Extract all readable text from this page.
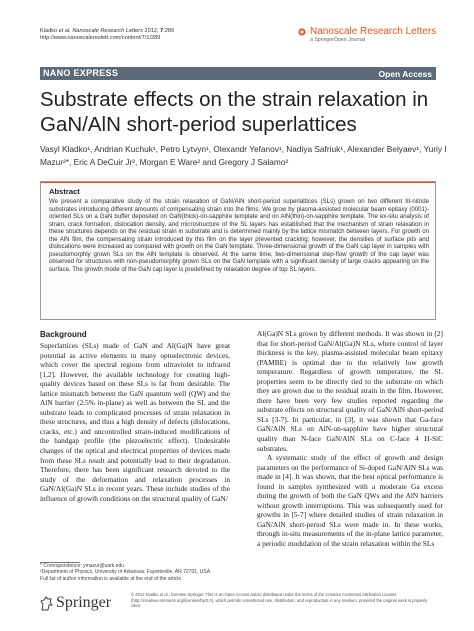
Kladko et al. Nanoscale Research Letters 2012, 7:289
http://www.nanoscalereslett.com/content/7/1/289
Nanoscale Research Letters
a SpringerOpen Journal
NANO EXPRESS	Open Access
Substrate effects on the strain relaxation in GaN/AlN short-period superlattices
Vasyl Kladko¹, Andrian Kuchuk¹, Petro Lytvyn¹, Olexandr Yefanov¹, Nadiya Safriuk¹, Alexander Belyaev¹, Yuriy I Mazur²*, Eric A DeCuir Jr², Morgan E Ware² and Gregory J Salamo²
Abstract
We present a comparative study of the strain relaxation of GaN/AlN short-period superlattices (SLs) grown on two different III-nitride substrates introducing different amounts of compensating strain into the films. We grow by plasma-assisted molecular beam epitaxy (0001)-oriented SLs on a GaN buffer deposited on GaN(thick)-on-sapphire template and on AlN(thin)-on-sapphire template. The ex-situ analysis of strain, crack formation, dislocation density, and microstructure of the SL layers has established that the mechanism of strain relaxation in these structures depends on the residual strain in substrate and is determined mainly by the lattice mismatch between layers. For growth on the AlN film, the compensating strain introduced by this film on the layer prevented cracking; however, the densities of surface pits and dislocations were increased as compared with growth on the GaN template. Three-dimensional growth of the GaN cap layer in samples with pseudomorphly grown SLs on the AlN template is observed. At the same time, two-dimensional step-flow growth of the cap layer was observed for structures with non-pseudomorphly grown SLs on the GaN template with a significant density of large cracks appearing on the surface. The growth mode of the GaN cap layer is predefined by relaxation degree of top SL layers.
Background

Superlattices (SLs) made of GaN and Al(Ga)N have great potential as active elements in many optoelectronic devices, which cover the spectral regions from ultraviolet to infrared [1,2]. However, the available technology for creating high-quality devices based on these SLs is far from desirable. The lattice mismatch between the GaN quantum well (QW) and the AlN barrier (2.5% in-plane) as well as between the SL and the substrate leads to complicated processes of strain relaxation in these structures, and thus a high density of defects (dislocations, cracks, etc.) and uncontrolled strain-induced modifications of the bandgap profile (the piezoelectric effect). Undesirable changes of the optical and electrical properties of devices made from these SLs result and potentially lead to their degradation. Therefore, there has been significant research devoted to the study of the deformation and relaxation processes in GaN/Al(Ga)N SLs in recent years. These include studies of the influence of growth conditions on the structural quality of GaN/

Al(Ga)N SLs grown by different methods. It was shown in [2] that for short-period GaN/Al(Ga)N SLs, where control of layer thickness is the key, plasma-assisted molecular beam epitaxy (PAMBE) is optimal due to the relatively low growth temperature. Regardless of growth temperature, the SL properties seem to be directly tied to the substrate on which they are grown due to the residual strain in the film. However, there have been very few studies reported regarding the substrate effects on structural quality of GaN/AlN short-period SLs [3-7]. In particular, in [3], it was shown that Ga-face GaN/AlN SLs on AlN-on-sapphire have higher structural quality than N-face GaN/AlN SLs on C-face 4 H-SiC substrates.

A systematic study of the effect of growth and design parameters on the performance of Si-doped GaN/AlN SLs was made in [4]. It was shown, that the best optical performance is found in samples synthesized with a moderate Ga excess during the growth of both the GaN QWs and the AlN barriers without growth interruptions. This was subsequently used for growths in [5-7] where detailed studies of strain relaxation in GaN/AlN short-period SLs were made in. In these works, through in-situ measurements of the in-plane lattice parameter, a periodic modulation of the strain relaxation within the SLs

* Correspondence: ymazur@uark.edu
²Department of Physics, University of Arkansas, Fayetteville, AR 72701, USA
Full list of author information is available at the end of the article
Springer	© 2012 Kladko et al.; licensee Springer. This is an Open Access article distributed under the terms of the Creative Commons Attribution License (http://creativecommons.org/licenses/by/2.0), which permits unrestricted use, distribution, and reproduction in any medium, provided the original work is properly cited.
